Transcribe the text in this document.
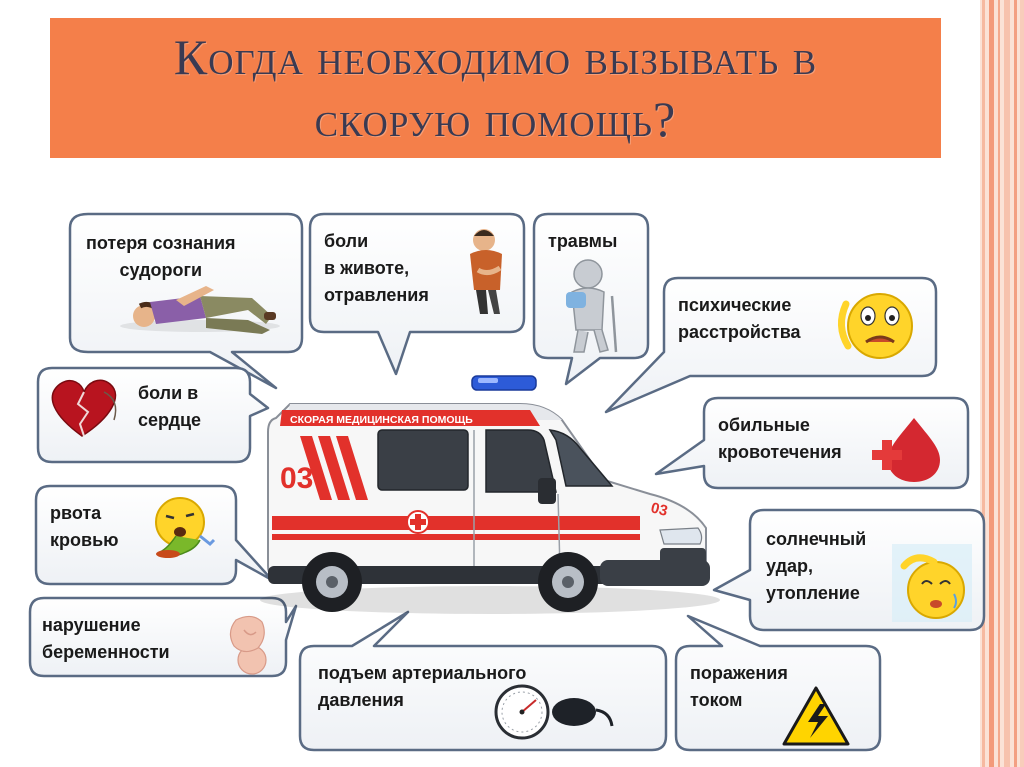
Когда необходимо вызывать в
скорую помощь?
СКОРАЯ МЕДИЦИНСКАЯ ПОМОЩЬ
03
03
потеря сознания
судороги
боли
в животе,
отравления
травмы
психические
расстройства
боли в
сердце	обильные
кровотечения
рвота
кровью	солнечный
удар,
утопление
нарушение
беременности
подъем артериального
давления
поражения
током
